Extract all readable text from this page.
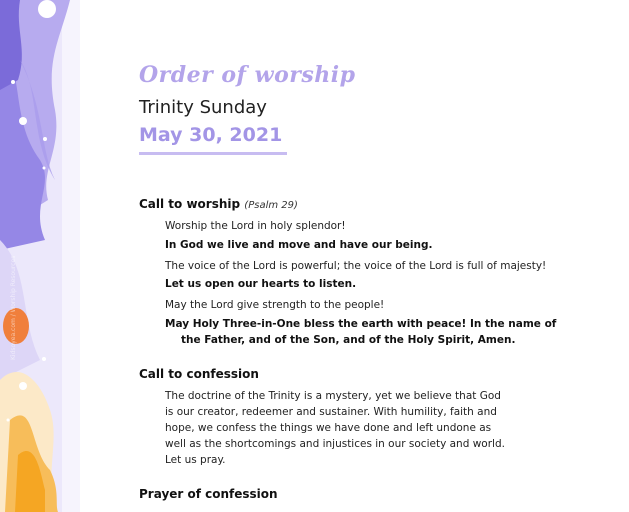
Kidsoyea.com / Worship Resources
Order of worship
Trinity Sunday
May 30, 2021
Call to worship (Psalm 29)
Worship the Lord in holy splendor!
In God we live and move and have our being.
The voice of the Lord is powerful; the voice of the Lord is full of majesty!
Let us open our hearts to listen.
May the Lord give strength to the people!
May Holy Three-in-One bless the earth with peace! In the name of the Father, and of the Son, and of the Holy Spirit, Amen.
Call to confession
The doctrine of the Trinity is a mystery, yet we believe that God is our creator, redeemer and sustainer. With humility, faith and hope, we confess the things we have done and left undone as well as the shortcomings and injustices in our society and world. Let us pray.
Prayer of confession
